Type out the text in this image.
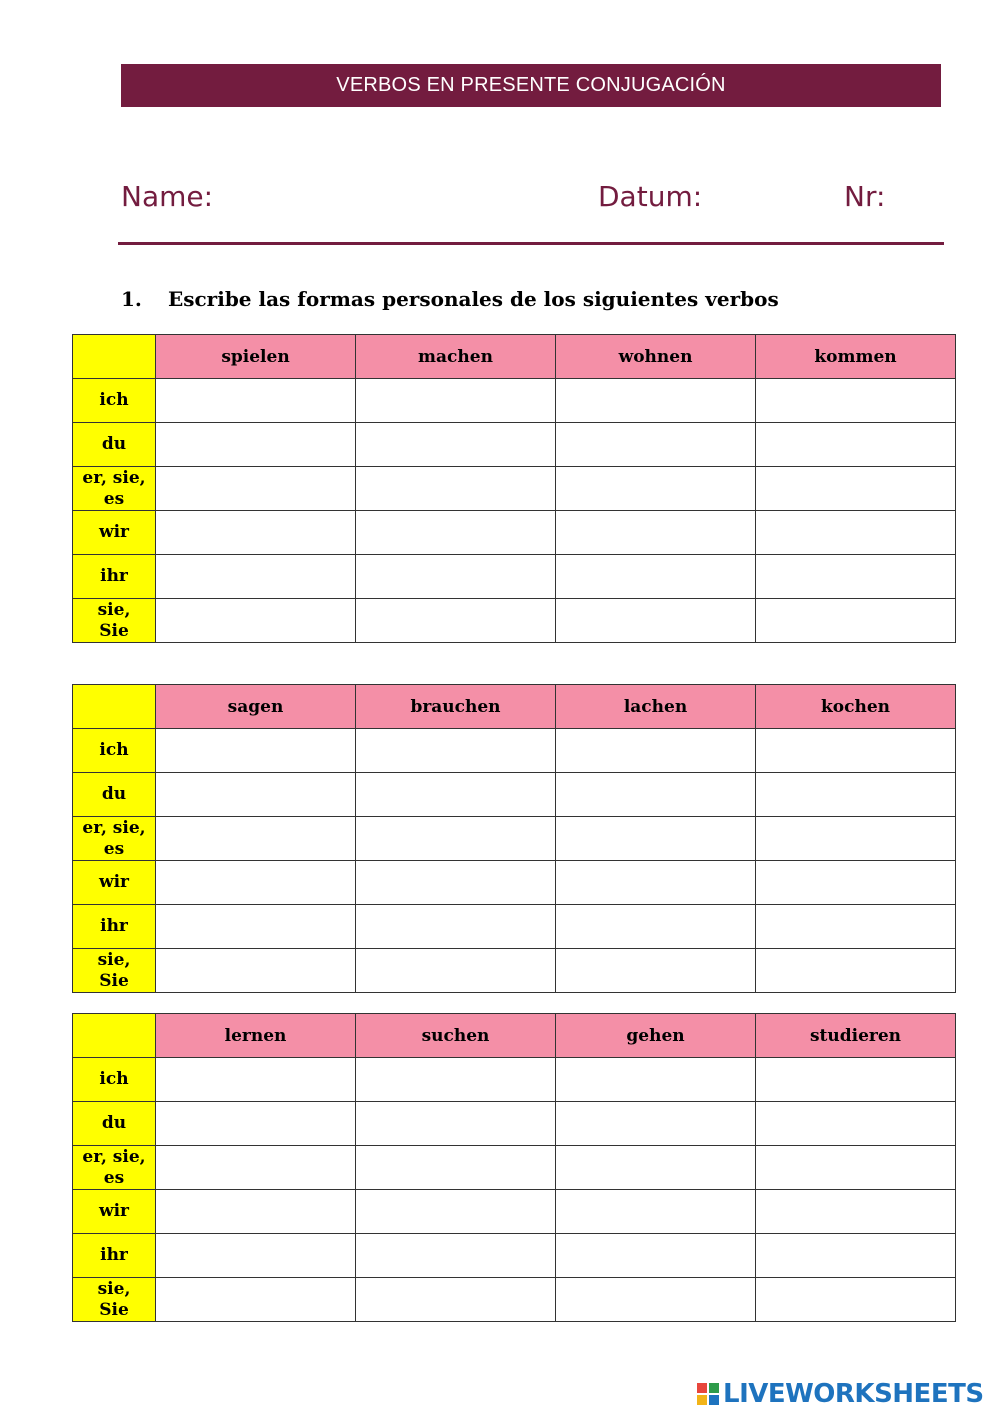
VERBOS EN PRESENTE CONJUGACIÓN
Name:	Datum:	Nr:
1. Escribe las formas personales de los siguientes verbos
	spielen	machen	wohnen	kommen
ich				
du				
er, sie,
es				
wir				
ihr				
sie,
Sie				
	sagen	brauchen	lachen	kochen
ich				
du				
er, sie,
es				
wir				
ihr				
sie,
Sie				
	lernen	suchen	gehen	studieren
ich				
du				
er, sie,
es				
wir				
ihr				
sie,
Sie				
LIVEWORKSHEETS
